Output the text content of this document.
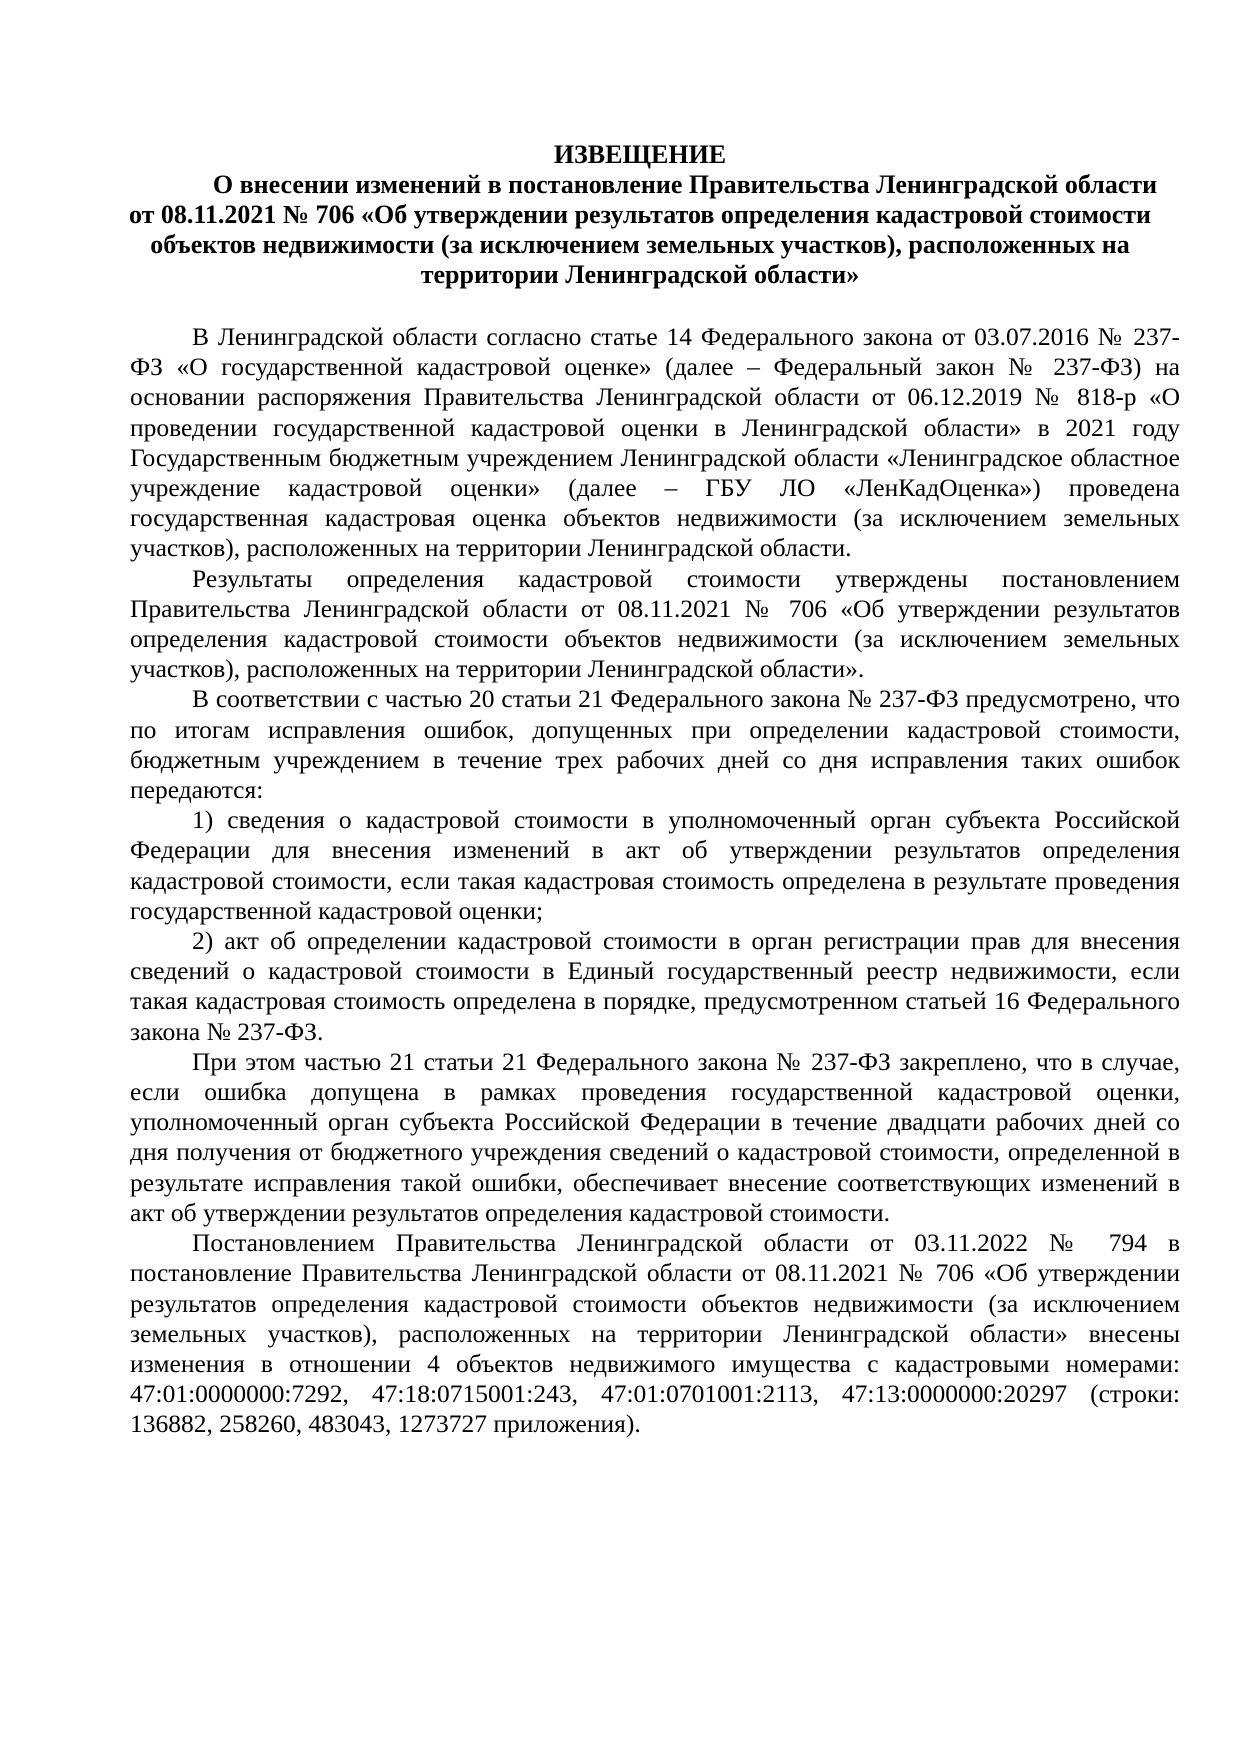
ИЗВЕЩЕНИЕ
О внесении изменений в постановление Правительства Ленинградской области от 08.11.2021 № 706 «Об утверждении результатов определения кадастровой стоимости объектов недвижимости (за исключением земельных участков), расположенных на территории Ленинградской области»

В Ленинградской области согласно статье 14 Федерального закона от 03.07.2016 № 237-ФЗ «О государственной кадастровой оценке» (далее – Федеральный закон № 237-ФЗ) на основании распоряжения Правительства Ленинградской области от 06.12.2019 № 818-р «О проведении государственной кадастровой оценки в Ленинградской области» в 2021 году Государственным бюджетным учреждением Ленинградской области «Ленинградское областное учреждение кадастровой оценки» (далее – ГБУ ЛО «ЛенКадОценка») проведена государственная кадастровая оценка объектов недвижимости (за исключением земельных участков), расположенных на территории Ленинградской области.

Результаты определения кадастровой стоимости утверждены постановлением Правительства Ленинградской области от 08.11.2021 № 706 «Об утверждении результатов определения кадастровой стоимости объектов недвижимости (за исключением земельных участков), расположенных на территории Ленинградской области».

В соответствии с частью 20 статьи 21 Федерального закона № 237-ФЗ предусмотрено, что по итогам исправления ошибок, допущенных при определении кадастровой стоимости, бюджетным учреждением в течение трех рабочих дней со дня исправления таких ошибок передаются:

1) сведения о кадастровой стоимости в уполномоченный орган субъекта Российской Федерации для внесения изменений в акт об утверждении результатов определения кадастровой стоимости, если такая кадастровая стоимость определена в результате проведения государственной кадастровой оценки;

2) акт об определении кадастровой стоимости в орган регистрации прав для внесения сведений о кадастровой стоимости в Единый государственный реестр недвижимости, если такая кадастровая стоимость определена в порядке, предусмотренном статьей 16 Федерального закона № 237-ФЗ.

При этом частью 21 статьи 21 Федерального закона № 237-ФЗ закреплено, что в случае, если ошибка допущена в рамках проведения государственной кадастровой оценки, уполномоченный орган субъекта Российской Федерации в течение двадцати рабочих дней со дня получения от бюджетного учреждения сведений о кадастровой стоимости, определенной в результате исправления такой ошибки, обеспечивает внесение соответствующих изменений в акт об утверждении результатов определения кадастровой стоимости.

Постановлением Правительства Ленинградской области от 03.11.2022 № 794 в постановление Правительства Ленинградской области от 08.11.2021 № 706 «Об утверждении результатов определения кадастровой стоимости объектов недвижимости (за исключением земельных участков), расположенных на территории Ленинградской области» внесены изменения в отношении 4 объектов недвижимого имущества с кадастровыми номерами: 47:01:0000000:7292, 47:18:0715001:243, 47:01:0701001:2113, 47:13:0000000:20297 (строки: 136882, 258260, 483043, 1273727 приложения).
